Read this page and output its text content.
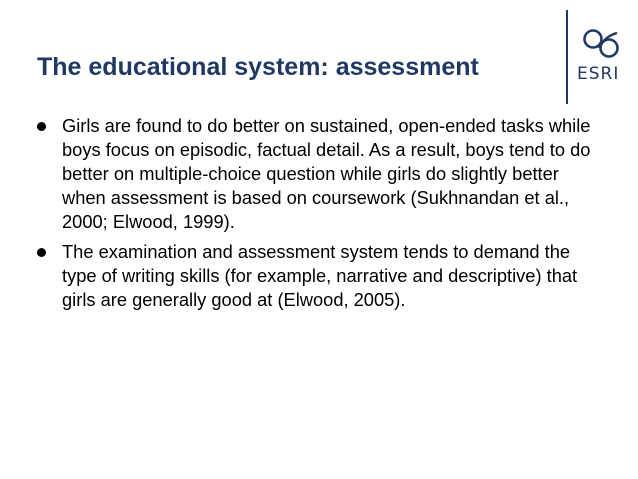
The educational system: assessment	ESRI
Girls are found to do better on sustained, open-ended tasks while boys focus on episodic, factual detail. As a result, boys tend to do better on multiple-choice question while girls do slightly better when assessment is based on coursework (Sukhnandan et al., 2000; Elwood, 1999).
The examination and assessment system tends to demand the type of writing skills (for example, narrative and descriptive) that girls are generally good at (Elwood, 2005).
